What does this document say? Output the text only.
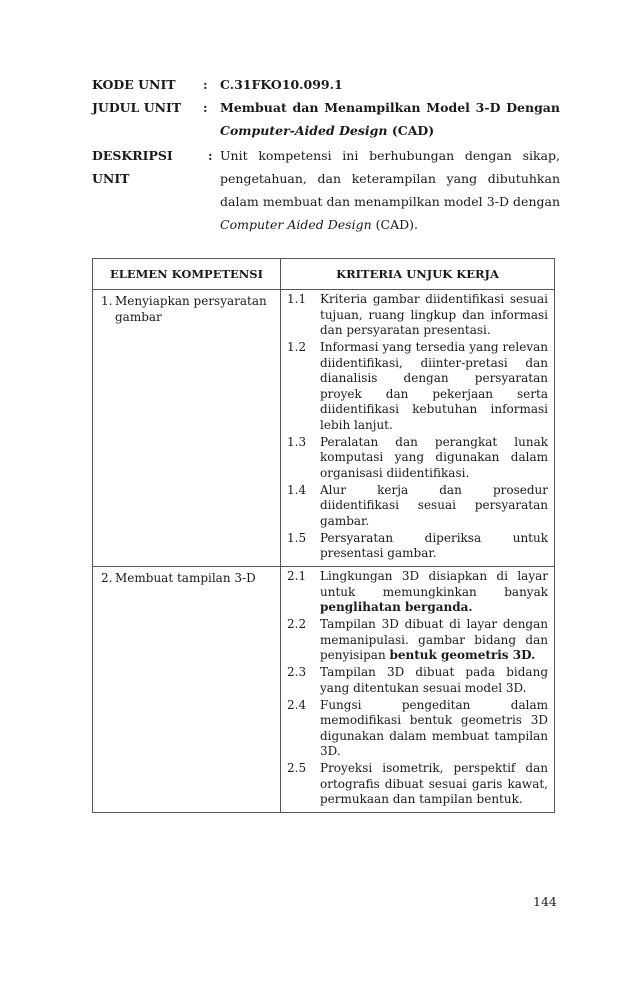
KODE UNIT	: C.31FKO10.099.1
JUDUL UNIT	: Membuat dan Menampilkan Model 3-D Dengan
Computer-Aided Design (CAD)
DESKRIPSI UNIT
: Unit kompetensi ini berhubungan dengan sikap, pengetahuan, dan keterampilan yang dibutuhkan dalam membuat dan menampilkan model 3-D dengan Computer Aided Design (CAD).
ELEMEN KOMPETENSI	KRITERIA UNJUK KERJA

1. Menyiapkan persyaratan gambar

1.1	Kriteria gambar diidentifikasi sesuai tujuan, ruang lingkup dan informasi dan persyaratan presentasi.
1.2	Informasi yang tersedia yang relevan diidentifikasi, diinter-pretasi dan dianalisis dengan persyaratan proyek dan pekerjaan serta diidentifikasi kebutuhan informasi lebih lanjut.
1.3	Peralatan dan perangkat lunak komputasi yang digunakan dalam organisasi diidentifikasi.
1.4	Alur kerja dan prosedur diidentifikasi sesuai persyaratan gambar.
1.5	Persyaratan diperiksa untuk presentasi gambar.

2. Membuat tampilan 3-D	2.1	Lingkungan 3D disiapkan di layar untuk memungkinkan banyak penglihatan berganda.
2.2	Tampilan 3D dibuat di layar dengan memanipulasi. gambar bidang dan penyisipan bentuk geometris 3D.
2.3	Tampilan 3D dibuat pada bidang yang ditentukan sesuai model 3D.
2.4	Fungsi pengeditan dalam memodifikasi bentuk geometris 3D digunakan dalam membuat tampilan 3D.
2.5	Proyeksi isometrik, perspektif dan ortografis dibuat sesuai garis kawat, permukaan dan tampilan bentuk.
144
